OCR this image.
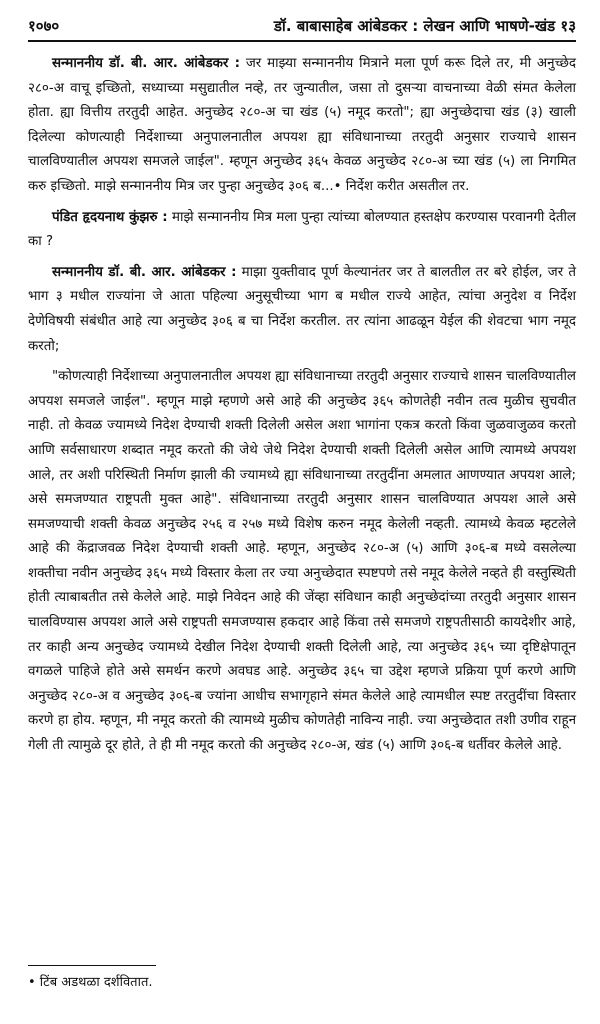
१०७०	डॉ. बाबासाहेब आंबेडकर : लेखन आणि भाषणे-खंड १३

सन्माननीय डॉ. बी. आर. आंबेडकर : जर माझ्या सन्माननीय मित्राने मला पूर्ण करू दिले तर, मी अनुच्छेद २८०-अ वाचू इच्छितो, सध्याच्या मसुद्यातील नव्हे, तर जुन्यातील, जसा तो दुसऱ्या वाचनाच्या वेळी संमत केलेला होता. ह्या वित्तीय तरतुदी आहेत. अनुच्छेद २८०-अ चा खंड (५) नमूद करतो"; ह्या अनुच्छेदाचा खंड (३) खाली दिलेल्या कोणत्याही निर्देशाच्या अनुपालनातील अपयश ह्या संविधानाच्या तरतुदी अनुसार राज्याचे शासन चालविण्यातील अपयश समजले जाईल". म्हणून अनुच्छेद ३६५ केवळ अनुच्छेद २८०-अ च्या खंड (५) ला निगमित करु इच्छितो. माझे सन्माननीय मित्र जर पुन्हा अनुच्छेद ३०६ ब...• निर्देश करीत असतील तर.

पंडित हृदयनाथ कुंझरु : माझे सन्माननीय मित्र मला पुन्हा त्यांच्या बोलण्यात हस्तक्षेप करण्यास परवानगी देतील का ?

सन्माननीय डॉ. बी. आर. आंबेडकर : माझा युक्तीवाद पूर्ण केल्यानंतर जर ते बालतील तर बरे होईल, जर ते भाग ३ मधील राज्यांना जे आता पहिल्या अनुसूचीच्या भाग ब मधील राज्ये आहेत, त्यांचा अनुदेश व निर्देश देणेविषयी संबंधीत आहे त्या अनुच्छेद ३०६ ब चा निर्देश करतील. तर त्यांना आढळून येईल की शेवटचा भाग नमूद करतो;

"कोणत्याही निर्देशाच्या अनुपालनातील अपयश ह्या संविधानाच्या तरतुदी अनुसार राज्याचे शासन चालविण्यातील अपयश समजले जाईल". म्हणून माझे म्हणणे असे आहे की अनुच्छेद ३६५ कोणतेही नवीन तत्व मुळीच सुचवीत नाही. तो केवळ ज्यामध्ये निदेश देण्याची शक्ती दिलेली असेल अशा भागांना एकत्र करतो किंवा जुळवाजुळव करतो आणि सर्वसाधारण शब्दात नमूद करतो की जेथे जेथे निदेश देण्याची शक्ती दिलेली असेल आणि त्यामध्ये अपयश आले, तर अशी परिस्थिती निर्माण झाली की ज्यामध्ये ह्या संविधानाच्या तरतुदींना अमलात आणण्यात अपयश आले; असे समजण्यात राष्ट्रपती मुक्त आहे". संविधानाच्या तरतुदी अनुसार शासन चालविण्यात अपयश आले असे समजण्याची शक्ती केवळ अनुच्छेद २५६ व २५७ मध्ये विशेष करुन नमूद केलेली नव्हती. त्यामध्ये केवळ म्हटलेले आहे की केंद्राजवळ निदेश देण्याची शक्ती आहे. म्हणून, अनुच्छेद २८०-अ (५) आणि ३०६-ब मध्ये वसलेल्या शक्तीचा नवीन अनुच्छेद ३६५ मध्ये विस्तार केला तर ज्या अनुच्छेदात स्पष्टपणे तसे नमूद केलेले नव्हते ही वस्तुस्थिती होती त्याबाबतीत तसे केलेले आहे. माझे निवेदन आहे की जेंव्हा संविधान काही अनुच्छेदांच्या तरतुदी अनुसार शासन चालविण्यास अपयश आले असे राष्ट्रपती समजण्यास हकदार आहे किंवा तसे समजणे राष्ट्रपतीसाठी कायदेशीर आहे, तर काही अन्य अनुच्छेद ज्यामध्ये देखील निदेश देण्याची शक्ती दिलेली आहे, त्या अनुच्छेद ३६५ च्या दृष्टिक्षेपातून वगळले पाहिजे होते असे समर्थन करणे अवघड आहे. अनुच्छेद ३६५ चा उद्देश म्हणजे प्रक्रिया पूर्ण करणे आणि अनुच्छेद २८०-अ व अनुच्छेद ३०६-ब ज्यांना आधीच सभागृहाने संमत केलेले आहे त्यामधील स्पष्ट तरतुदींचा विस्तार करणे हा होय. म्हणून, मी नमूद करतो की त्यामध्ये मुळीच कोणतेही नाविन्य नाही. ज्या अनुच्छेदात तशी उणीव राहून गेली ती त्यामुळे दूर होते, ते ही मी नमूद करतो की अनुच्छेद २८०-अ, खंड (५) आणि ३०६-ब धर्तीवर केलेले आहे.

• टिंब अडथळा दर्शवितात.
